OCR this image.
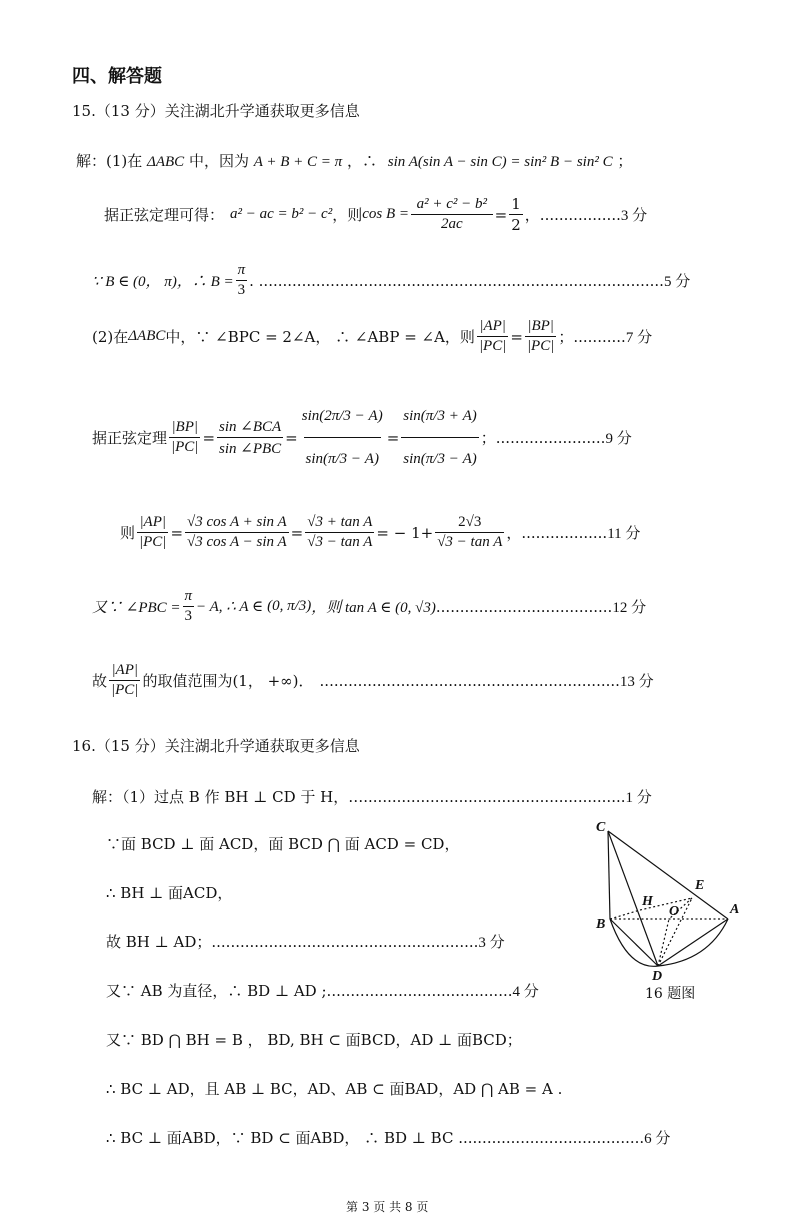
四、解答题
15.（13 分）关注湖北升学通获取更多信息
解：(1)在 ΔABC 中，因为 A + B + C = π ，∴ sin A(sin A − sin C) = sin² B − sin² C ；
据正弦定理可得： a² − ac = b² − c² ，则 $\cos B = \frac{\text{a² + c² − b²}}{2ac} = \frac{1}{2}$ ，................. 3 分
∵ B ∈ (0， π)，∴ $B = \frac{\pi}{3}$ . ..................................................................................... 5 分
(2)在 ΔABC 中，∵ ∠BPC = 2∠A， ∴ ∠ABP = ∠A，则 $\frac{|AP|}{|PC|} = \frac{|BP|}{|PC|}$ ；........... 7 分
据正弦定理 $\frac{|BP|}{|PC|} = \frac{\text{sin ∠BCA}}{\text{sin ∠PBC}} = \frac{\sin(2\pi/3 - A)}{\sin(\pi/3 - A)} = \frac{\sin(\pi/3 + A)}{\sin(\pi/3 - A)}$ ；....................... 9 分
则 $\frac{|AP|}{|PC|} = \frac{\text{√3 cos A + sin A}}{\text{√3 cos A − sin A}} = \frac{\text{√3 + tan A}}{\text{√3 − tan A}}$ = − $1+ \frac{2√3}{\text{√3 − tan A}}$ ，.................. 11 分
又∵ ∠PBC = $\frac{\pi}{3} - A$, ∴ A ∈ (0, π/3) ，则 tan A ∈ (0, √3) ..................................... 12 分
故 $\frac{|AP|}{|PC|}$ 的取值范围为(1， +∞)． ............................................................... 13 分
16.（15 分）关注湖北升学通获取更多信息
解：（1）过点 B 作 BH ⊥ CD 于 H，….......................................................1 分
∵面 BCD ⊥ 面 ACD，面 BCD ⋂ 面 ACD = CD，
∴ BH ⊥ 面ACD，
故 BH ⊥ AD；........................................................3 分
又∵ AB 为直径，∴ BD ⊥ AD ;.......................................4 分
又∵ BD ⋂ BH = B ， BD, BH ⊂ 面BCD，AD ⊥ 面BCD；
∴ BC ⊥ AD，且 AB ⊥ BC，AD、AB ⊂ 面BAD，AD ⋂ AB = A .
∴ BC ⊥ 面ABD，∵ BD ⊂ 面ABD， ∴ BD ⊥ BC .......................................6 分
C
E
H
O
B
A
D
16 题图
第 3 页 共 8 页
